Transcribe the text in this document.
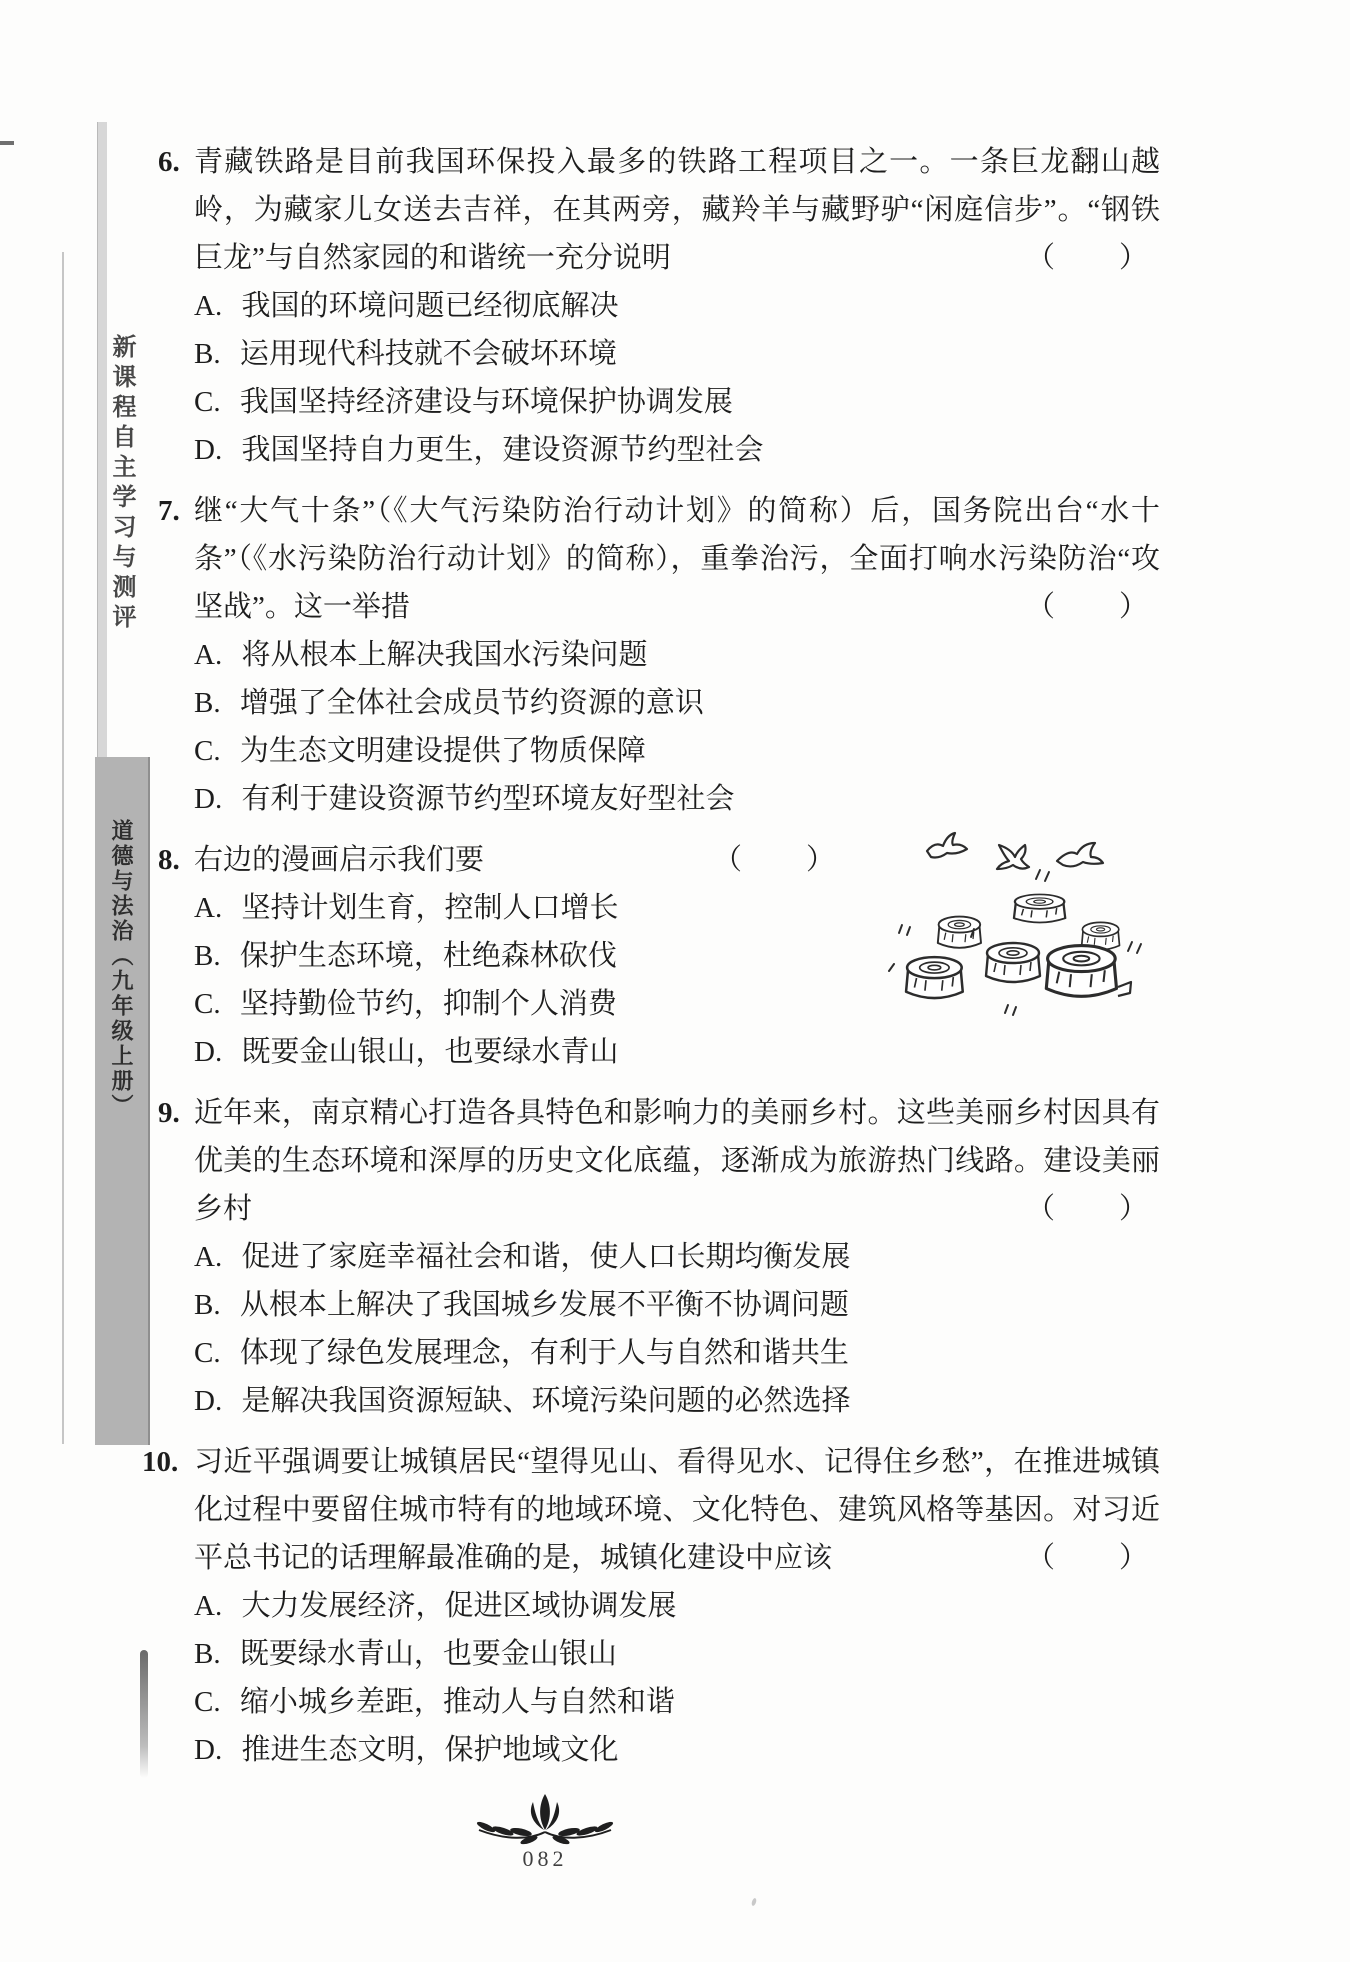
新课程自主学习与测评
道德与法治（九年级上册）
6. 青藏铁路是目前我国环保投入最多的铁路工程项目之一。一条巨龙翻山越岭，为藏家儿女送去吉祥，在其两旁，藏羚羊与藏野驴“闲庭信步”。“钢铁巨龙”与自然家园的和谐统一充分说明	（　　）

A. 我国的环境问题已经彻底解决
B. 运用现代科技就不会破坏环境
C. 我国坚持经济建设与环境保护协调发展
D. 我国坚持自力更生，建设资源节约型社会
7. 继“大气十条”（《大气污染防治行动计划》的简称）后，国务院出台“水十条”（《水污染防治行动计划》的简称），重拳治污，全面打响水污染防治“攻坚战”。这一举措	（　　）

A. 将从根本上解决我国水污染问题
B. 增强了全体社会成员节约资源的意识
C. 为生态文明建设提供了物质保障
D. 有利于建设资源节约型环境友好型社会
8. 右边的漫画启示我们要	（　　）

A. 坚持计划生育，控制人口增长
B. 保护生态环境，杜绝森林砍伐
C. 坚持勤俭节约，抑制个人消费
D. 既要金山银山，也要绿水青山
9. 近年来，南京精心打造各具特色和影响力的美丽乡村。这些美丽乡村因具有优美的生态环境和深厚的历史文化底蕴，逐渐成为旅游热门线路。建设美丽乡村	（　　）

A. 促进了家庭幸福社会和谐，使人口长期均衡发展
B. 从根本上解决了我国城乡发展不平衡不协调问题
C. 体现了绿色发展理念，有利于人与自然和谐共生
D. 是解决我国资源短缺、环境污染问题的必然选择
10. 习近平强调要让城镇居民“望得见山、看得见水、记得住乡愁”，在推进城镇化过程中要留住城市特有的地域环境、文化特色、建筑风格等基因。对习近平总书记的话理解最准确的是，城镇化建设中应该	（　　）

A. 大力发展经济，促进区域协调发展
B. 既要绿水青山，也要金山银山
C. 缩小城乡差距，推动人与自然和谐
D. 推进生态文明，保护地域文化
082
